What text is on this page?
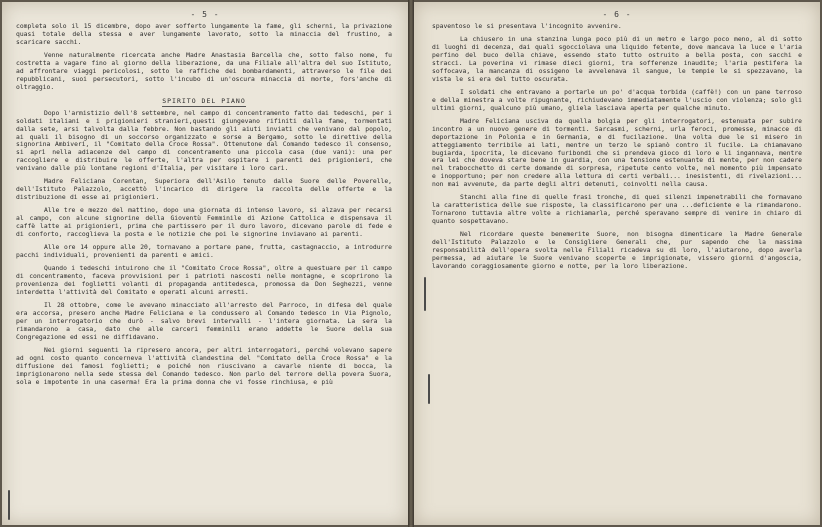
- 5 -

completa solo il 15 dicembre, dopo aver sofferto lungamente la fame, gli scherni, la privazione quasi totale della stessa e aver lungamente lavorato, sotto la minaccia del frustino, a scaricare sacchi.

Venne naturalmente ricercata anche Madre Anastasia Barcella che, sotto falso nome, fu costretta a vagare fino al giorno della liberazione, da una Filiale all'altra del suo Istituto, ad affrontare viaggi pericolosi, sotto le raffiche dei bombardamenti, attraverso le file dei repubblicani, suoi persecutori, sotto l'incubo di un'oscura minaccia di morte, fors'anche di oltraggio.

SPIRITO DEL PIANO

Dopo l'armistizio dell'8 settembre, nel campo di concentramento fatto dai tedeschi, per i soldati italiani e i prigionieri stranieri,questi giungevano rifiniti dalla fame, tormentati dalla sete, arsi talvolta dalla febbre. Non bastando gli aiuti inviati che venivano dal popolo, ai quali il bisogno di un soccorso organizzato e sorse a Bergamo, sotto le direttive della signorina Ambiveri, il "Comitato della Croce Rossa". Ottenutone dal Comando tedesco il consenso, si aprì nella adiacenze del campo di concentramento una piccola casa (due vani): una per raccogliere e distribuire le offerte, l'altra per ospitare i parenti dei prigionieri, che venivano dalle più lontane regioni d'Italia, per visitare i loro cari.

Madre Feliciana Corentan, Superiora dell'Asilo tenuto dalle Suore delle Poverelle, dell'Istituto Palazzolo, accettò l'incarico di dirigere la raccolta delle offerte e la distribuzione di esse ai prigionieri.

Alle tre e mezzo del mattino, dopo una giornata di intenso lavoro, si alzava per recarsi al campo, con alcune signorine della Gioventù Femminile di Azione Cattolica e dispensava il caffè latte ai prigionieri, prima che partissero per il duro lavoro, dicevano parole di fede e di conforto, raccoglieva la posta e le notizie che poi le signorine inviavano ai parenti.

Alle ore 14 oppure alle 20, tornavano a portare pane, frutta, castagnaccio, a introdurre pacchi individuali, provenienti da parenti e amici.

Quando i tedeschi intuirono che il "Comitato Croce Rossa", oltre a questuare per il campo di concentramento, faceva provvisioni per i patrioti nascosti nelle montagne, e scoprirono la provenienza dei foglietti volanti di propaganda antitedesca, promossa da Don Seghezzi, venne interdetta l'attività del Comitato e operati alcuni arresti.

Il 28 ottobre, come le avevano minacciato all'arresto del Parroco, in difesa del quale era accorsa, presero anche Madre Feliciana e la condussero al Comando tedesco in Via Pignolo, per un interrogatorio che durò - salvo brevi intervalli - l'intera giornata. La sera la rimandarono a casa, dato che alle carceri femminili erano addette le Suore della sua Congregazione ed essi ne diffidavano.

Nei giorni seguenti la ripresero ancora, per altri interrogatori, perché volevano sapere ad ogni costo quanto concerneva l'attività clandestina del "Comitato della Croce Rossa" e la diffusione dei famosi foglietti; e poiché non riuscivano a cavarle niente di bocca, la imprigionarono nella sede stessa del Comando tedesco. Non parlo del terrore della povera Suora, sola e impotente in una caserma! Era la prima donna che vi fosse rinchiusa, e più

- 6 -

spaventoso le si presentava l'incognito avvenire.

La chiusero in una stanzina lunga poco più di un metro e largo poco meno, al di sotto di luoghi di decenza, dai quali sgocciolava una liquido fetente, dove mancava la luce e l'aria perfino del buco della chiave, essendo stato tutto ostruito a bella posta, con sacchi e stracci. La poverina vi rimase dieci giorni, tra sofferenze inaudite; l'aria pestifera la soffocava, la mancanza di ossigeno le avvelenava il sangue, le tempie le si spezzavano, la vista le si era del tutto oscurata.

I soldati che entravano a portarle un po' d'acqua torbida (caffè!) con un pane terroso e della minestra a volte ripugnante, richiudevano immediatamente l'uscio con violenza; solo gli ultimi giorni, qualcuno più umano, gliela lasciava aperta per qualche minuto.

Madre Feliciana usciva da quella bolgia per gli interrogatori, estenuata per subire incontro a un nuovo genere di tormenti. Sarcasmi, scherni, urla feroci, promesse, minacce di deportazione in Polonia e in Germania, e di fucilazione. Una volta due le si misero in atteggiamento terribile ai lati, mentre un terzo le spianò contro il fucile. La chiamavano bugiarda, ipocrita, le dicevano furibondi che si prendeva gioco di loro e li ingannava, mentre era lei che doveva stare bene in guardia, con una tensione estenuante di mente, per non cadere nel trabocchetto di certe domande di sorpresa, ripetute cento volte, nel momento più impensato e inopportuno; per non credere alla lettura di certi verbali... inesistenti, di rivelazioni... non mai avvenute, da parte degli altri detenuti, coinvolti nella causa.

Stanchi alla fine di quelle frasi tronche, di quei silenzi impenetrabili che formavano la caratteristica delle sue risposte, la classificarono per una ...deficiente e la rimandarono. Tornarono tuttavia altre volte a richiamarla, perché speravano sempre di venire in chiaro di quanto sospettavano.

Nel ricordare queste benemerite Suore, non bisogna dimenticare la Madre Generale dell'Istituto Palazzolo e le Consigliere Generali che, pur sapendo che la massima responsabilità dell'opera svolta nelle Filiali ricadeva su di loro, l'aiutarono, dopo averla permessa, ad aiutare le Suore venivano scoperte e imprigionate, vissero giorni d'angoscia, lavorando coraggiosamente giorno e notte, per la loro liberazione.
